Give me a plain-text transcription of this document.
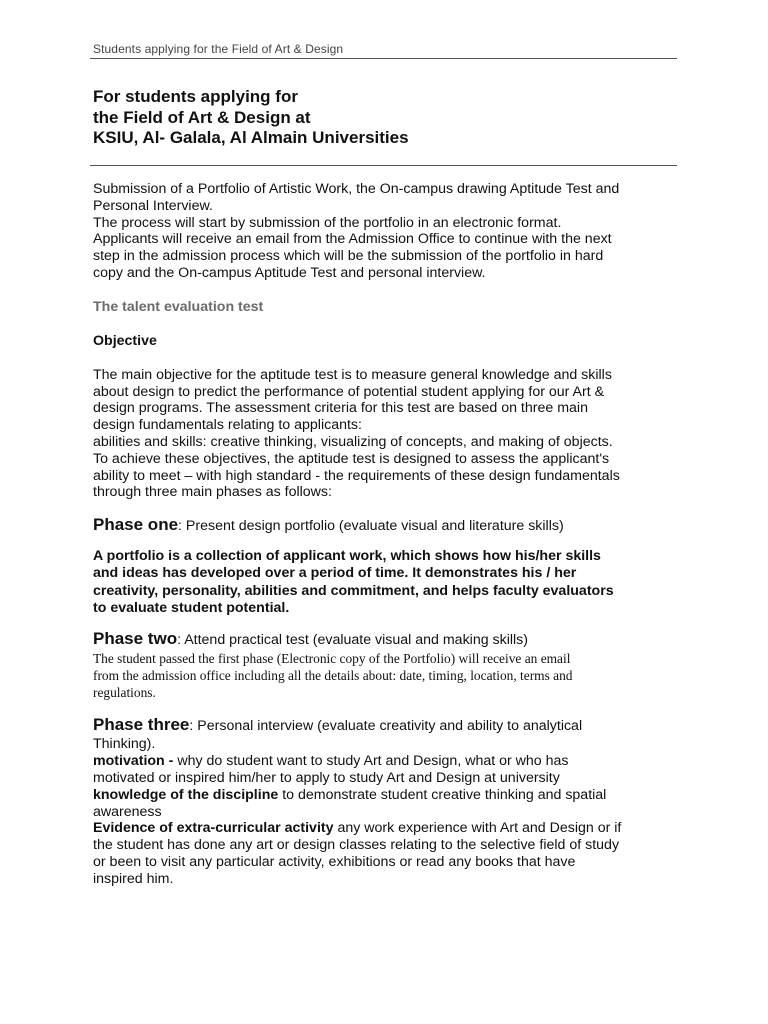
Students applying for the Field of Art & Design
For students applying for
the Field of Art & Design at
KSIU, Al- Galala, Al Almain Universities
Submission of a Portfolio of Artistic Work, the On-campus drawing Aptitude Test and
Personal Interview.
The process will start by submission of the portfolio in an electronic format.
Applicants will receive an email from the Admission Office to continue with the next
step in the admission process which will be the submission of the portfolio in hard
copy and the On-campus Aptitude Test and personal interview.
The talent evaluation test
Objective
The main objective for the aptitude test is to measure general knowledge and skills
about design to predict the performance of potential student applying for our Art &
design programs. The assessment criteria for this test are based on three main
design fundamentals relating to applicants:
abilities and skills: creative thinking, visualizing of concepts, and making of objects.
To achieve these objectives, the aptitude test is designed to assess the applicant's
ability to meet – with high standard - the requirements of these design fundamentals
through three main phases as follows:
Phase one: Present design portfolio (evaluate visual and literature skills)
A portfolio is a collection of applicant work, which shows how his/her skills
and ideas has developed over a period of time. It demonstrates his / her
creativity, personality, abilities and commitment, and helps faculty evaluators
to evaluate student potential.
Phase two: Attend practical test (evaluate visual and making skills)
The student passed the first phase (Electronic copy of the Portfolio) will receive an email
from the admission office including all the details about: date, timing, location, terms and
regulations.
Phase three: Personal interview (evaluate creativity and ability to analytical
Thinking).
motivation - why do student want to study Art and Design, what or who has
motivated or inspired him/her to apply to study Art and Design at university
knowledge of the discipline to demonstrate student creative thinking and spatial
awareness
Evidence of extra-curricular activity any work experience with Art and Design or if
the student has done any art or design classes relating to the selective field of study
or been to visit any particular activity, exhibitions or read any books that have
inspired him.
